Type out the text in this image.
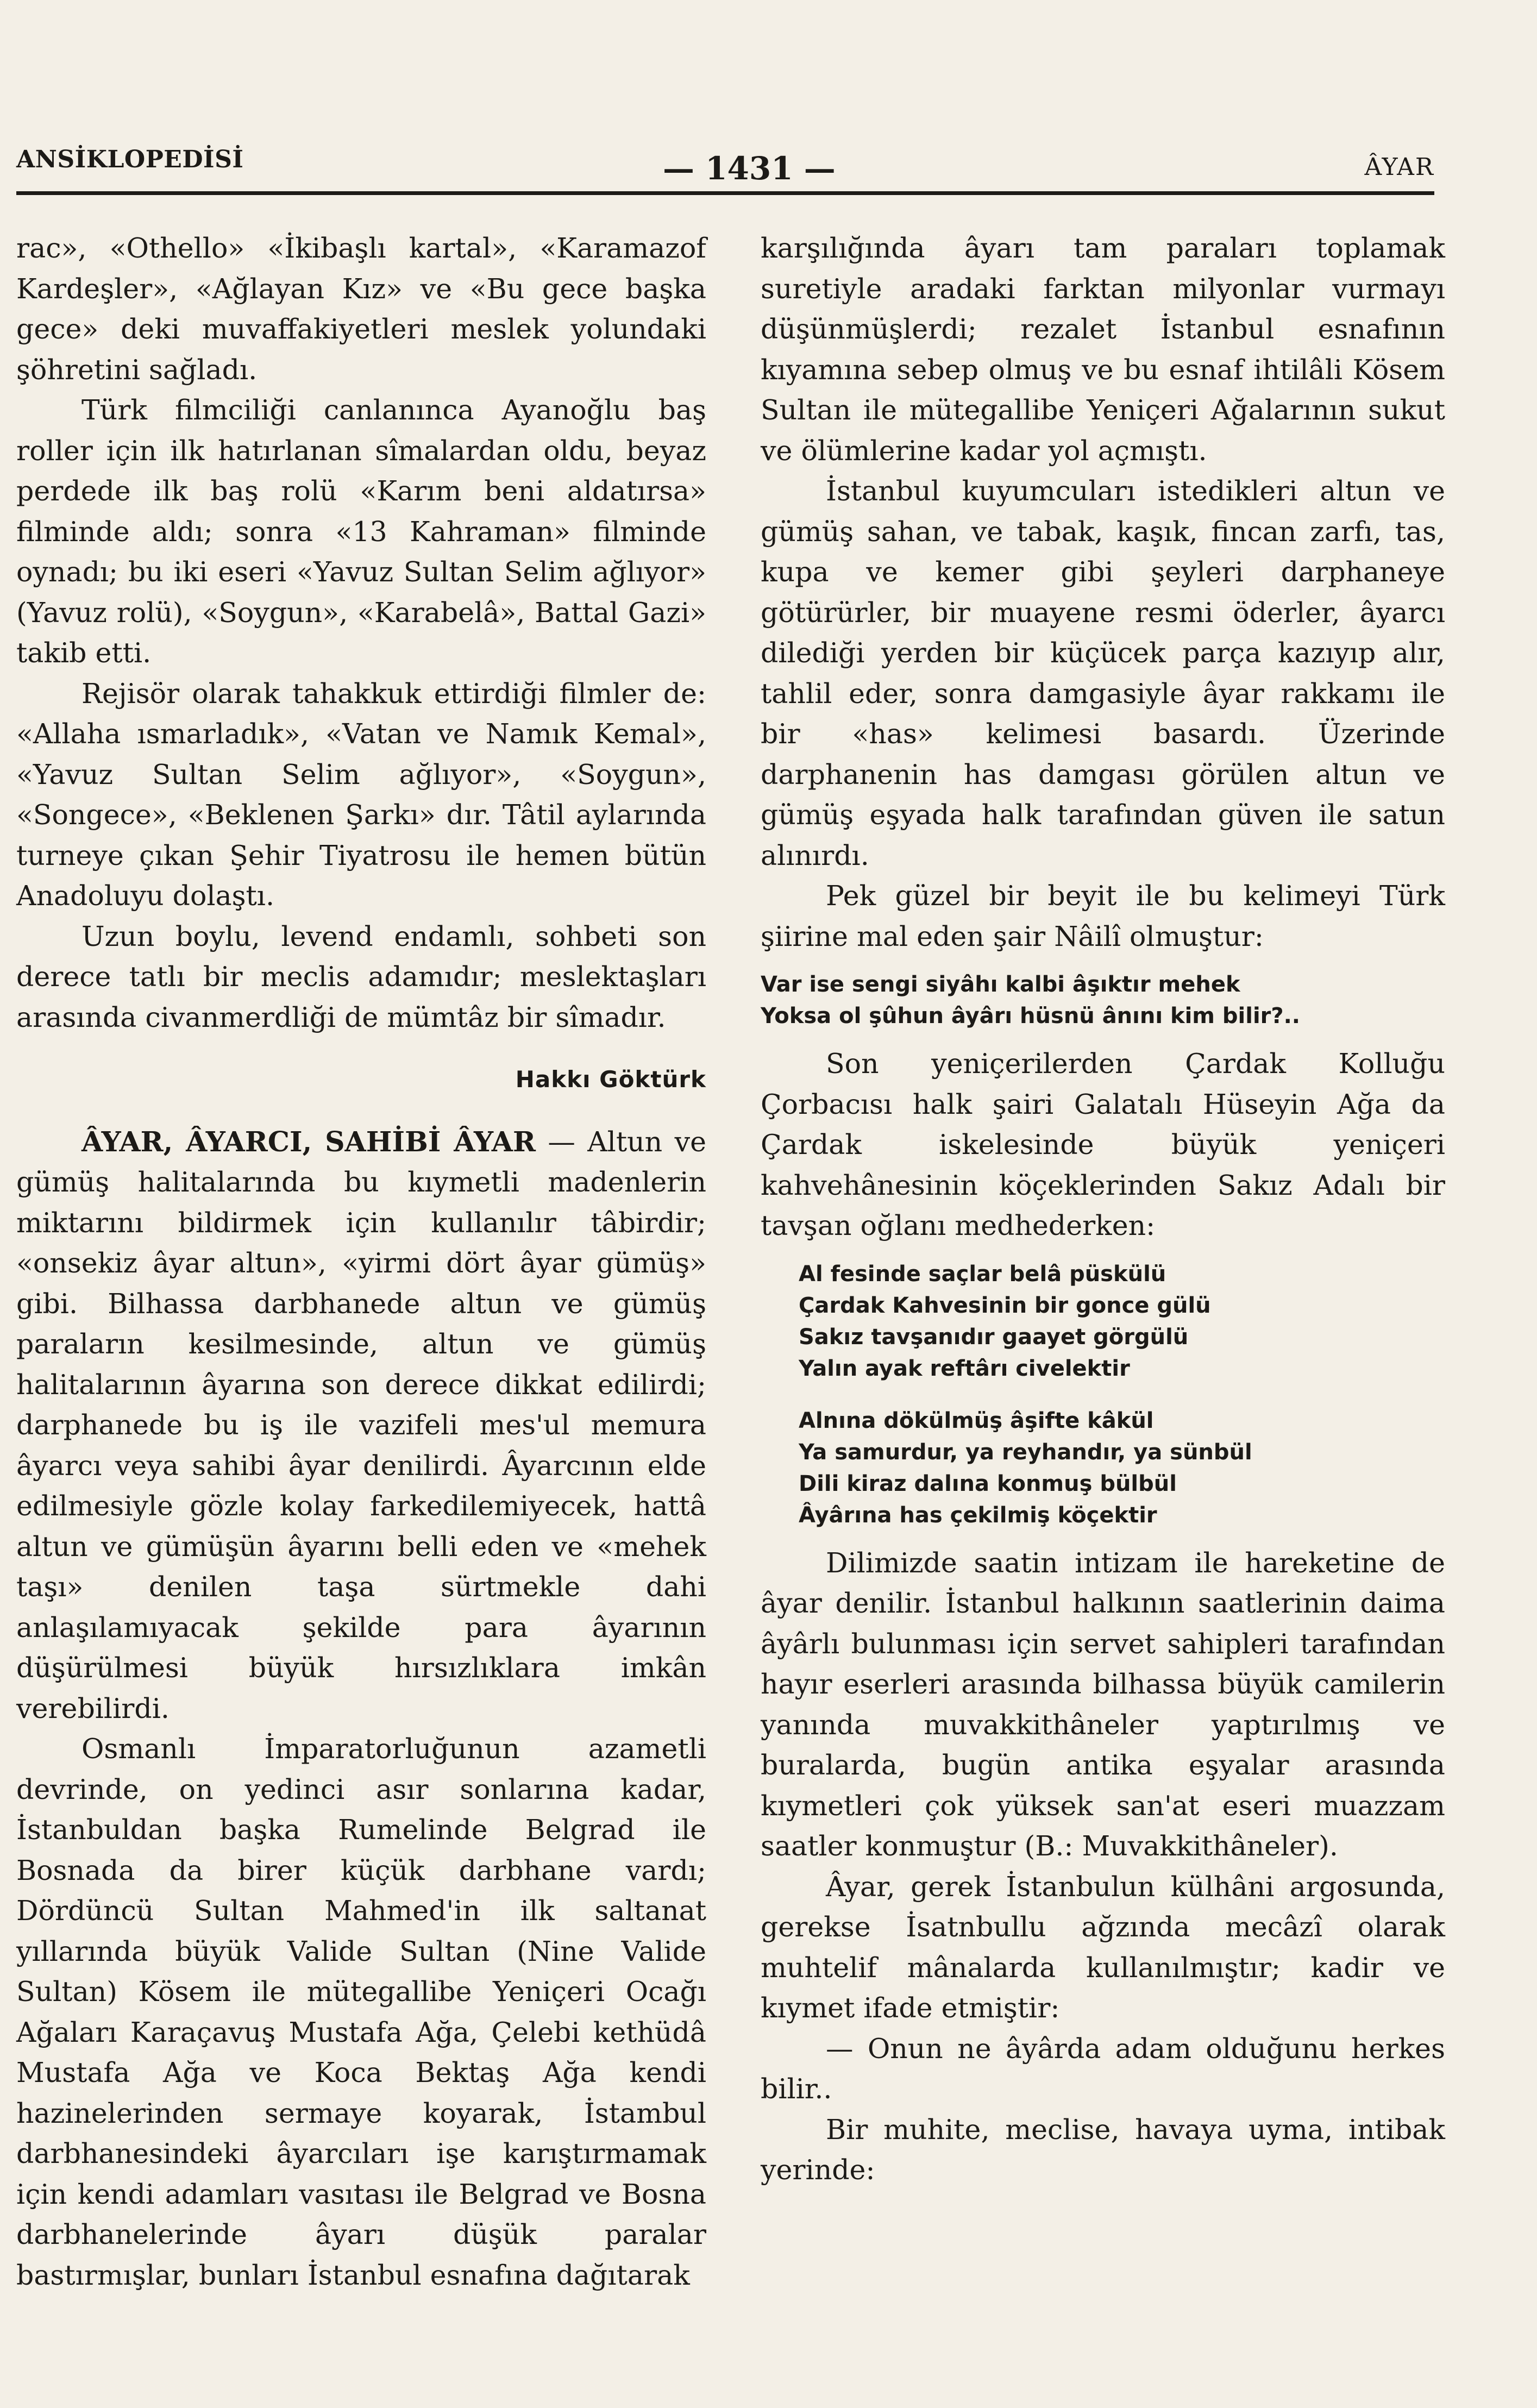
ANSİKLOPEDİSİ	— 1431 —	ÂYAR

rac», «Othello» «İkibaşlı kartal», «Karamazof Kardeşler», «Ağlayan Kız» ve «Bu gece başka gece» deki muvaffakiyetleri meslek yolundaki şöhretini sağladı.

Türk filmciliği canlanınca Ayanoğlu baş roller için ilk hatırlanan sîmalardan oldu, beyaz perdede ilk baş rolü «Karım beni aldatırsa» filminde aldı; sonra «13 Kahraman» filminde oynadı; bu iki eseri «Yavuz Sultan Selim ağlıyor» (Yavuz rolü), «Soygun», «Karabelâ», Battal Gazi» takib etti.

Rejisör olarak tahakkuk ettirdiği filmler de: «Allaha ısmarladık», «Vatan ve Namık Kemal», «Yavuz Sultan Selim ağlıyor», «Soygun», «Songece», «Beklenen Şarkı» dır. Tâtil aylarında turneye çıkan Şehir Tiyatrosu ile hemen bütün Anadoluyu dolaştı.

Uzun boylu, levend endamlı, sohbeti son derece tatlı bir meclis adamıdır; meslektaşları arasında civanmerdliği de mümtâz bir sîmadır.

Hakkı Göktürk

ÂYAR, ÂYARCI, SAHİBİ ÂYAR — Altun ve gümüş halitalarında bu kıymetli madenlerin miktarını bildirmek için kullanılır tâbirdir; «onsekiz âyar altun», «yirmi dört âyar gümüş» gibi. Bilhassa darbhanede altun ve gümüş paraların kesilmesinde, altun ve gümüş halitalarının âyarına son derece dikkat edilirdi; darphanede bu iş ile vazifeli mes'ul memura âyarcı veya sahibi âyar denilirdi. Âyarcının elde edilmesiyle gözle kolay farkedilemiyecek, hattâ altun ve gümüşün âyarını belli eden ve «mehek taşı» denilen taşa sürtmekle dahi anlaşılamıyacak şekilde para âyarının düşürülmesi büyük hırsızlıklara imkân verebilirdi.

Osmanlı İmparatorluğunun azametli devrinde, on yedinci asır sonlarına kadar, İstanbuldan başka Rumelinde Belgrad ile Bosnada da birer küçük darbhane vardı; Dördüncü Sultan Mahmed'in ilk saltanat yıllarında büyük Valide Sultan (Nine Valide Sultan) Kösem ile mütegallibe Yeniçeri Ocağı Ağaları Karaçavuş Mustafa Ağa, Çelebi kethüdâ Mustafa Ağa ve Koca Bektaş Ağa kendi hazinelerinden sermaye koyarak, İstambul darbhanesindeki âyarcıları işe karıştırmamak için kendi adamları vasıtası ile Belgrad ve Bosna darbhanelerinde âyarı düşük paralar bastırmışlar, bunları İstanbul esnafına dağıtarak

karşılığında âyarı tam paraları toplamak suretiyle aradaki farktan milyonlar vurmayı düşünmüşlerdi; rezalet İstanbul esnafının kıyamına sebep olmuş ve bu esnaf ihtilâli Kösem Sultan ile mütegallibe Yeniçeri Ağalarının sukut ve ölümlerine kadar yol açmıştı.

İstanbul kuyumcuları istedikleri altun ve gümüş sahan, ve tabak, kaşık, fincan zarfı, tas, kupa ve kemer gibi şeyleri darphaneye götürürler, bir muayene resmi öderler, âyarcı dilediği yerden bir küçücek parça kazıyıp alır, tahlil eder, sonra damgasiyle âyar rakkamı ile bir «has» kelimesi basardı. Üzerinde darphanenin has damgası görülen altun ve gümüş eşyada halk tarafından güven ile satun alınırdı.

Pek güzel bir beyit ile bu kelimeyi Türk şiirine mal eden şair Nâilî olmuştur:

Var ise sengi siyâhı kalbi âşıktır mehek
Yoksa ol şûhun âyârı hüsnü ânını kim bilir?..

Son yeniçerilerden Çardak Kolluğu Çorbacısı halk şairi Galatalı Hüseyin Ağa da Çardak iskelesinde büyük yeniçeri kahvehânesinin köçeklerinden Sakız Adalı bir tavşan oğlanı medhederken:

Al fesinde saçlar belâ püskülü
Çardak Kahvesinin bir gonce gülü
Sakız tavşanıdır gaayet görgülü
Yalın ayak reftârı civelektir
Alnına dökülmüş âşifte kâkül
Ya samurdur, ya reyhandır, ya sünbül
Dili kiraz dalına konmuş bülbül
Âyârına has çekilmiş köçektir

Dilimizde saatin intizam ile hareketine de âyar denilir. İstanbul halkının saatlerinin daima âyârlı bulunması için servet sahipleri tarafından hayır eserleri arasında bilhassa büyük camilerin yanında muvakkithâneler yaptırılmış ve buralarda, bugün antika eşyalar arasında kıymetleri çok yüksek san'at eseri muazzam saatler konmuştur (B.: Muvakkithâneler).

Âyar, gerek İstanbulun külhâni argosunda, gerekse İsatnbullu ağzında mecâzî olarak muhtelif mânalarda kullanılmıştır; kadir ve kıymet ifade etmiştir:

— Onun ne âyârda adam olduğunu herkes bilir..

Bir muhite, meclise, havaya uyma, intibak yerinde:
